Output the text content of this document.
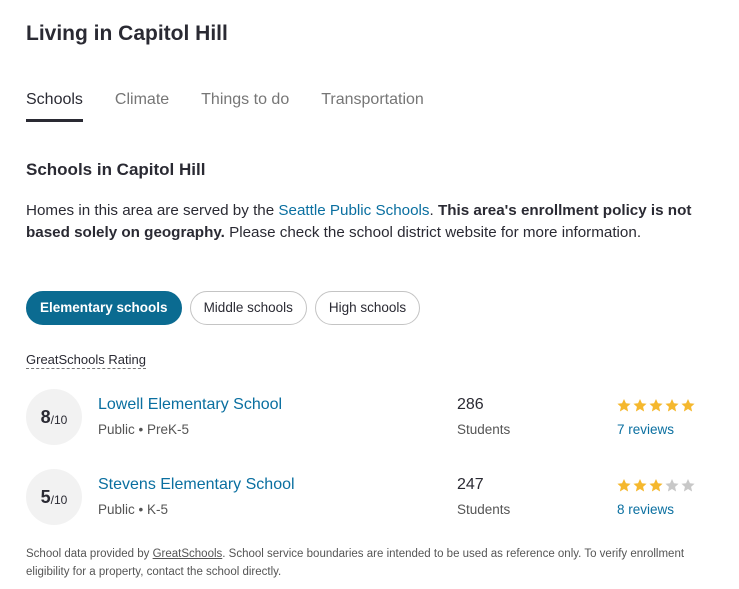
Living in Capitol Hill
Schools Climate Things to do Transportation
Schools in Capitol Hill
Homes in this area are served by the Seattle Public Schools. This area's enrollment policy is not based solely on geography. Please check the school district website for more information.
Elementary schools	Middle schools	High schools
GreatSchools Rating
8 /10
Lowell Elementary School
Public • PreK-5
286
Students	7 reviews
5 /10
Stevens Elementary School
Public • K-5
247
Students	8 reviews
School data provided by GreatSchools. School service boundaries are intended to be used as reference only. To verify enrollment eligibility for a property, contact the school directly.
